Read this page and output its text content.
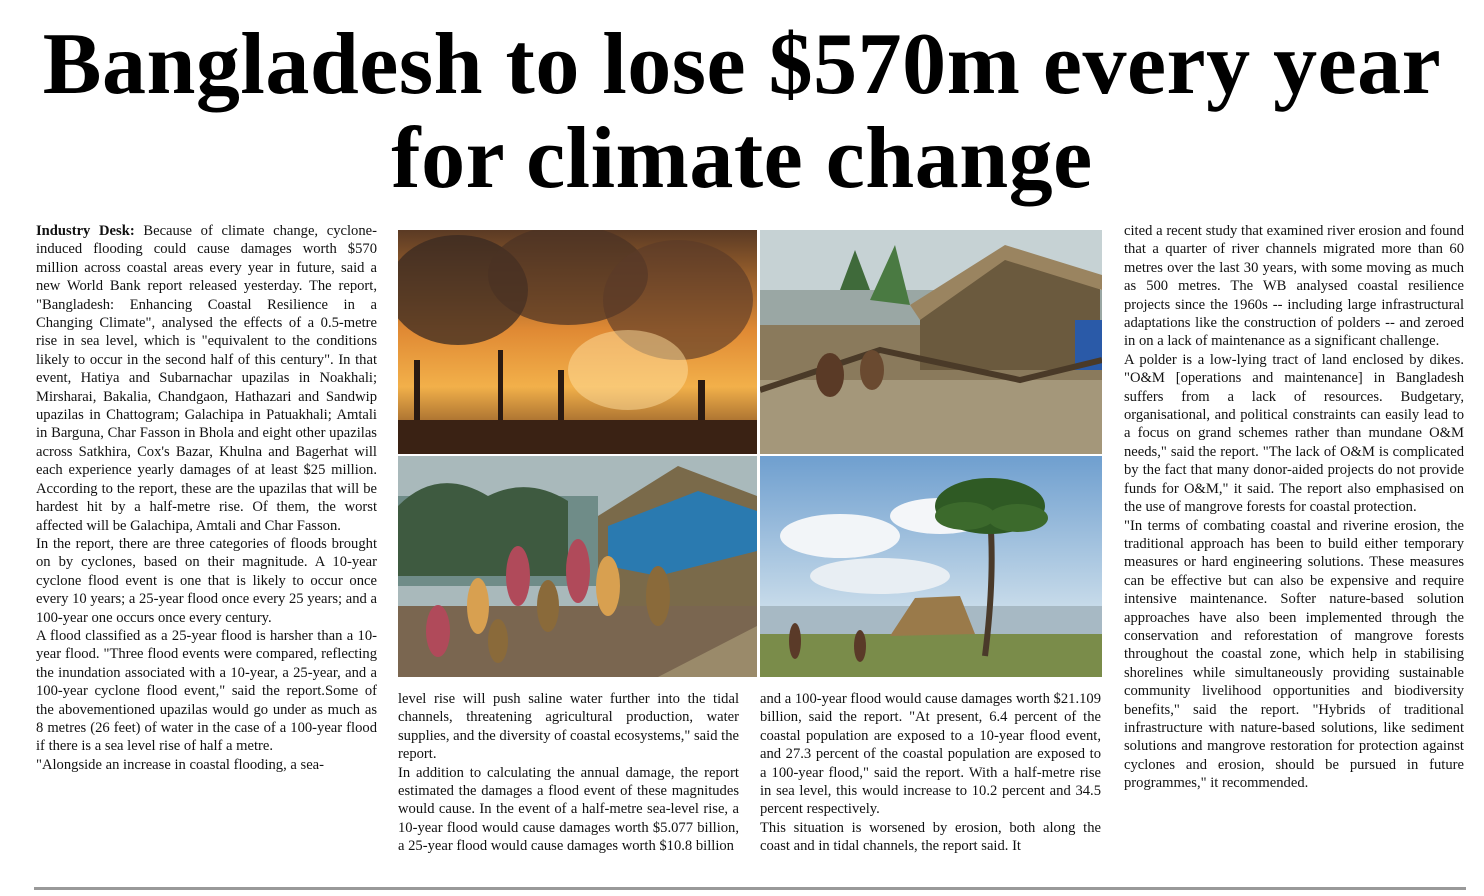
Bangladesh to lose $570m every year for climate change

Industry Desk: Because of climate change, cyclone-induced flooding could cause damages worth $570 million across coastal areas every year in future, said a new World Bank report released yesterday. The report, "Bangladesh: Enhancing Coastal Resilience in a Changing Climate", analysed the effects of a 0.5-metre rise in sea level, which is "equivalent to the conditions likely to occur in the second half of this century". In that event, Hatiya and Subarnachar upazilas in Noakhali; Mirsharai, Bakalia, Chandgaon, Hathazari and Sandwip upazilas in Chattogram; Galachipa in Patuakhali; Amtali in Barguna, Char Fasson in Bhola and eight other upazilas across Satkhira, Cox's Bazar, Khulna and Bagerhat will each experience yearly damages of at least $25 million. According to the report, these are the upazilas that will be hardest hit by a half-metre rise. Of them, the worst affected will be Galachipa, Amtali and Char Fasson.

In the report, there are three categories of floods brought on by cyclones, based on their magnitude. A 10-year cyclone flood event is one that is likely to occur once every 10 years; a 25-year flood once every 25 years; and a 100-year one occurs once every century.

A flood classified as a 25-year flood is harsher than a 10-year flood. "Three flood events were compared, reflecting the inundation associated with a 10-year, a 25-year, and a 100-year cyclone flood event," said the report.Some of the abovementioned upazilas would go under as much as 8 metres (26 feet) of water in the case of a 100-year flood if there is a sea level rise of half a metre.

"Alongside an increase in coastal flooding, a sea-

level rise will push saline water further into the tidal channels, threatening agricultural production, water supplies, and the diversity of coastal ecosystems," said the report.

In addition to calculating the annual damage, the report estimated the damages a flood event of these magnitudes would cause. In the event of a half-metre sea-level rise, a 10-year flood would cause damages worth $5.077 billion, a 25-year flood would cause damages worth $10.8 billion

and a 100-year flood would cause damages worth $21.109 billion, said the report. "At present, 6.4 percent of the coastal population are exposed to a 10-year flood event, and 27.3 percent of the coastal population are exposed to a 100-year flood," said the report. With a half-metre rise in sea level, this would increase to 10.2 percent and 34.5 percent respectively.

This situation is worsened by erosion, both along the coast and in tidal channels, the report said. It

cited a recent study that examined river erosion and found that a quarter of river channels migrated more than 60 metres over the last 30 years, with some moving as much as 500 metres. The WB analysed coastal resilience projects since the 1960s -- including large infrastructural adaptations like the construction of polders -- and zeroed in on a lack of maintenance as a significant challenge.

A polder is a low-lying tract of land enclosed by dikes. "O&M [operations and maintenance] in Bangladesh suffers from a lack of resources. Budgetary, organisational, and political constraints can easily lead to a focus on grand schemes rather than mundane O&M needs," said the report. "The lack of O&M is complicated by the fact that many donor-aided projects do not provide funds for O&M," it said. The report also emphasised on the use of mangrove forests for coastal protection.

"In terms of combating coastal and riverine erosion, the traditional approach has been to build either temporary measures or hard engineering solutions. These measures can be effective but can also be expensive and require intensive maintenance. Softer nature-based solution approaches have also been implemented through the conservation and reforestation of mangrove forests throughout the coastal zone, which help in stabilising shorelines while simultaneously providing sustainable community livelihood opportunities and biodiversity benefits," said the report. "Hybrids of traditional infrastructure with nature-based solutions, like sediment solutions and mangrove restoration for protection against cyclones and erosion, should be pursued in future programmes," it recommended.
